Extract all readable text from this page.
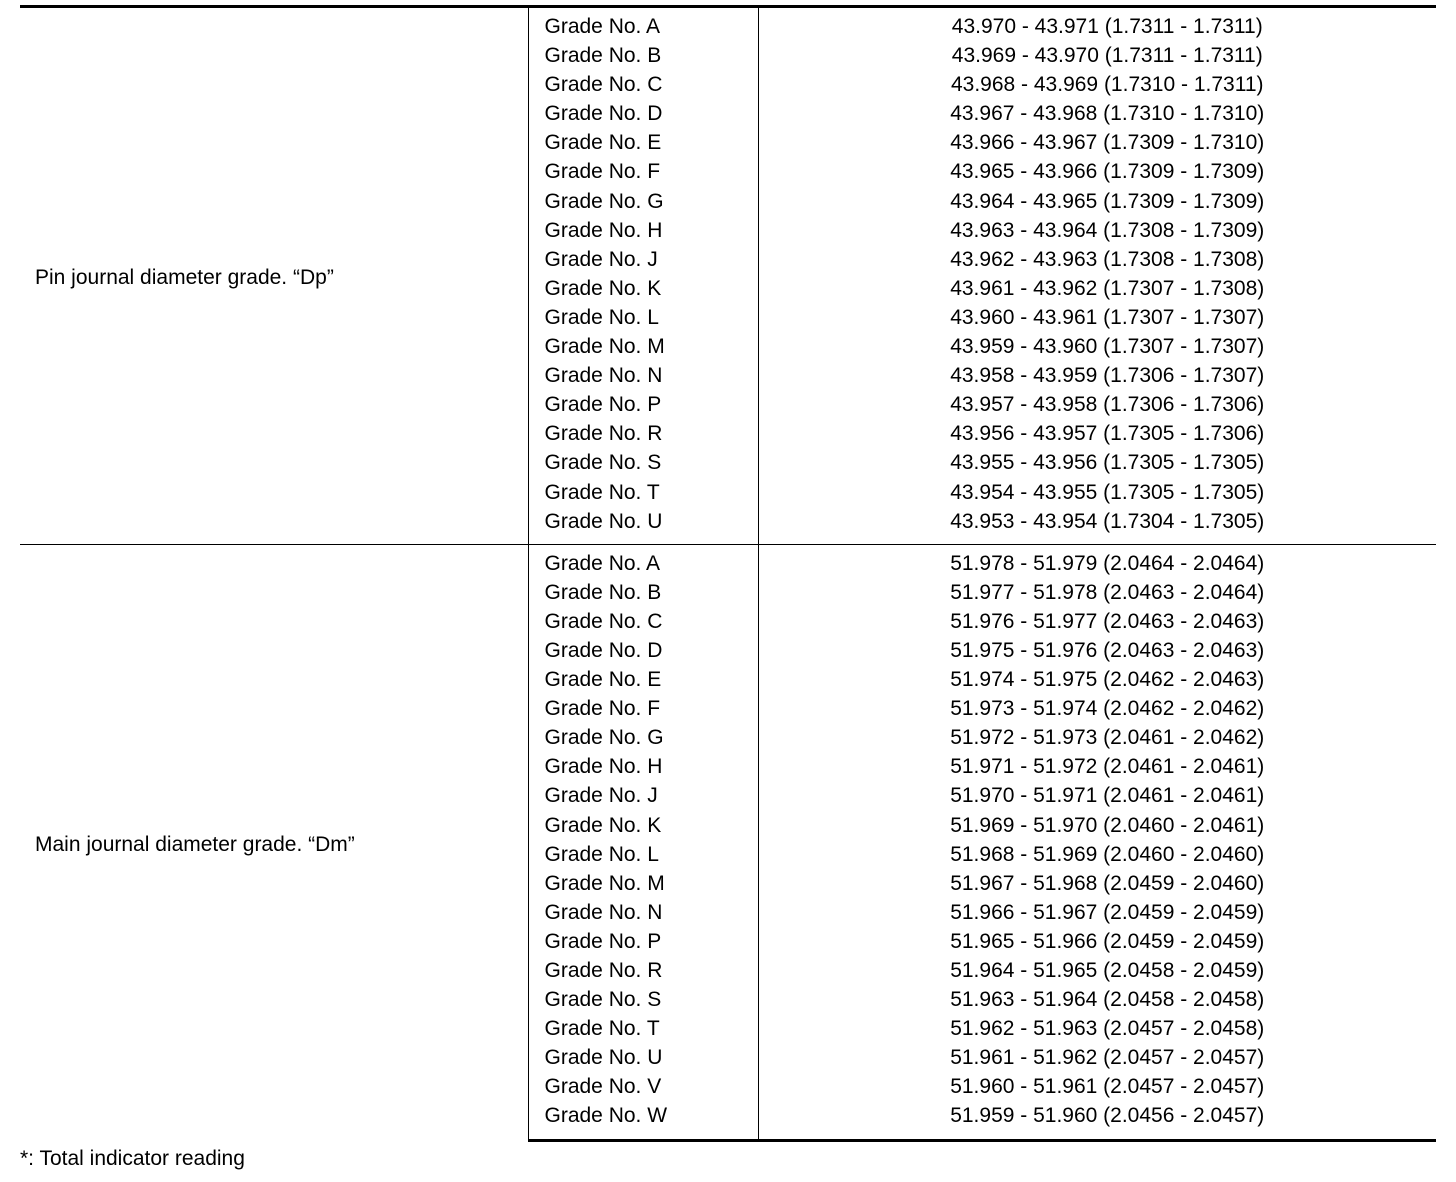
Pin journal diameter grade. “Dp”	Grade No. A	43.970 - 43.971 (1.7311 - 1.7311)
	Grade No. B	43.969 - 43.970 (1.7311 - 1.7311)
	Grade No. C	43.968 - 43.969 (1.7310 - 1.7311)
	Grade No. D	43.967 - 43.968 (1.7310 - 1.7310)
	Grade No. E	43.966 - 43.967 (1.7309 - 1.7310)
	Grade No. F	43.965 - 43.966 (1.7309 - 1.7309)
	Grade No. G	43.964 - 43.965 (1.7309 - 1.7309)
	Grade No. H	43.963 - 43.964 (1.7308 - 1.7309)
	Grade No. J	43.962 - 43.963 (1.7308 - 1.7308)
	Grade No. K	43.961 - 43.962 (1.7307 - 1.7308)
	Grade No. L	43.960 - 43.961 (1.7307 - 1.7307)
	Grade No. M	43.959 - 43.960 (1.7307 - 1.7307)
	Grade No. N	43.958 - 43.959 (1.7306 - 1.7307)
	Grade No. P	43.957 - 43.958 (1.7306 - 1.7306)
	Grade No. R	43.956 - 43.957 (1.7305 - 1.7306)
	Grade No. S	43.955 - 43.956 (1.7305 - 1.7305)
	Grade No. T	43.954 - 43.955 (1.7305 - 1.7305)
	Grade No. U	43.953 - 43.954 (1.7304 - 1.7305)
Main journal diameter grade. “Dm”	Grade No. A	51.978 - 51.979 (2.0464 - 2.0464)
	Grade No. B	51.977 - 51.978 (2.0463 - 2.0464)
	Grade No. C	51.976 - 51.977 (2.0463 - 2.0463)
	Grade No. D	51.975 - 51.976 (2.0463 - 2.0463)
	Grade No. E	51.974 - 51.975 (2.0462 - 2.0463)
	Grade No. F	51.973 - 51.974 (2.0462 - 2.0462)
	Grade No. G	51.972 - 51.973 (2.0461 - 2.0462)
	Grade No. H	51.971 - 51.972 (2.0461 - 2.0461)
	Grade No. J	51.970 - 51.971 (2.0461 - 2.0461)
	Grade No. K	51.969 - 51.970 (2.0460 - 2.0461)
	Grade No. L	51.968 - 51.969 (2.0460 - 2.0460)
	Grade No. M	51.967 - 51.968 (2.0459 - 2.0460)
	Grade No. N	51.966 - 51.967 (2.0459 - 2.0459)
	Grade No. P	51.965 - 51.966 (2.0459 - 2.0459)
	Grade No. R	51.964 - 51.965 (2.0458 - 2.0459)
	Grade No. S	51.963 - 51.964 (2.0458 - 2.0458)
	Grade No. T	51.962 - 51.963 (2.0457 - 2.0458)
	Grade No. U	51.961 - 51.962 (2.0457 - 2.0457)
	Grade No. V	51.960 - 51.961 (2.0457 - 2.0457)
	Grade No. W	51.959 - 51.960 (2.0456 - 2.0457)
*: Total indicator reading
